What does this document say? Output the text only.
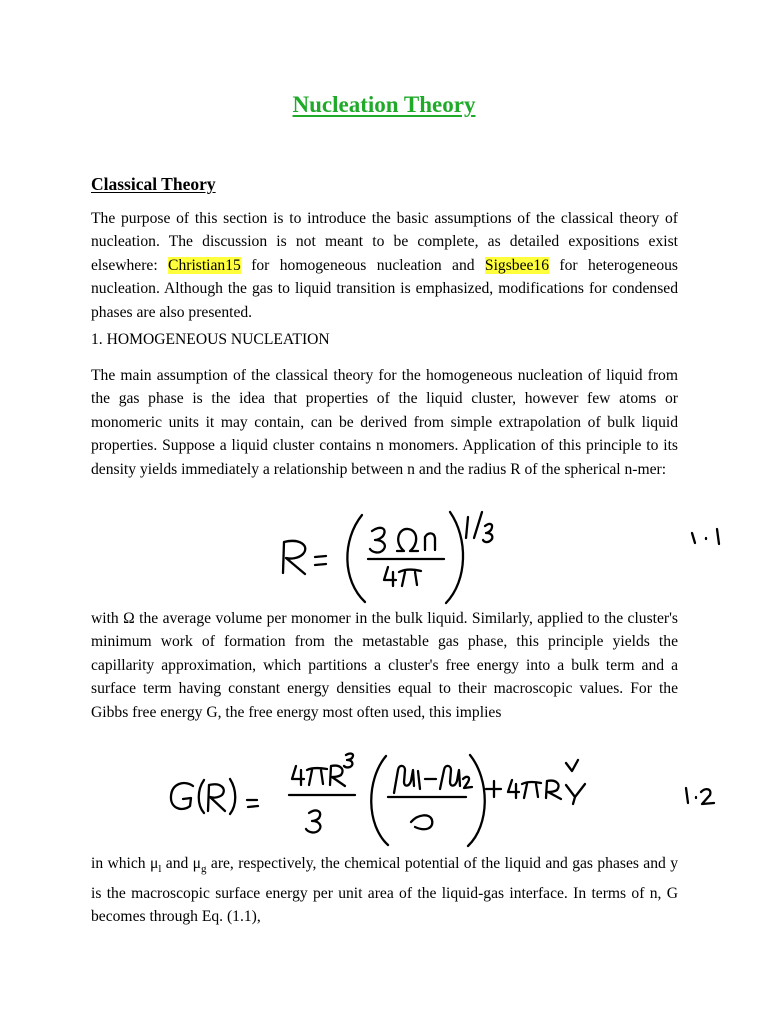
Nucleation Theory
Classical Theory

The purpose of this section is to introduce the basic assumptions of the classical theory of nucleation. The discussion is not meant to be complete, as detailed expositions exist elsewhere: Christian15 for homogeneous nucleation and Sigsbee16 for heterogeneous nucleation. Although the gas to liquid transition is emphasized, modifications for condensed phases are also presented.

1. HOMOGENEOUS NUCLEATION

The main assumption of the classical theory for the homogeneous nucleation of liquid from the gas phase is the idea that properties of the liquid cluster, however few atoms or monomeric units it may contain, can be derived from simple extrapolation of bulk liquid properties. Suppose a liquid cluster contains n monomers. Application of this principle to its density yields immediately a relationship between n and the radius R of the spherical n-mer:

with Ω the average volume per monomer in the bulk liquid. Similarly, applied to the cluster's minimum work of formation from the metastable gas phase, this principle yields the capillarity approximation, which partitions a cluster's free energy into a bulk term and a surface term having constant energy densities equal to their macroscopic values. For the Gibbs free energy G, the free energy most often used, this implies

in which $\mu_l$ and $\mu_g$ are, respectively, the chemical potential of the liquid and gas phases and y is the macroscopic surface energy per unit area of the liquid-gas interface. In terms of n, G becomes through Eq. (1.1),
